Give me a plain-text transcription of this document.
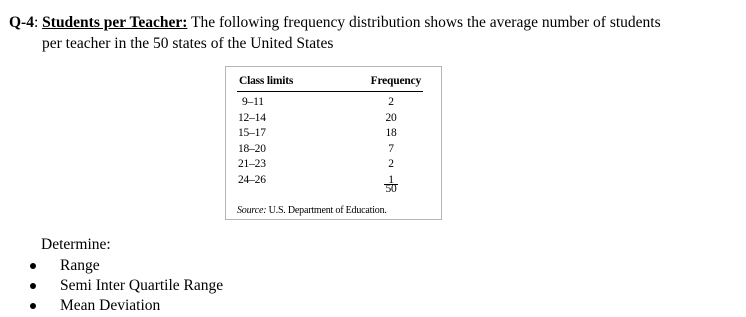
Q-4: Students per Teacher: The following frequency distribution shows the average number of students
per teacher in the 50 states of the United States
Class limits	Frequency
9–11
12–14
15–17
18–20
21–23
24–26
2
20
18
7
2
1
50
Source: U.S. Department of Education.
Determine:
Range
Semi Inter Quartile Range
Mean Deviation
